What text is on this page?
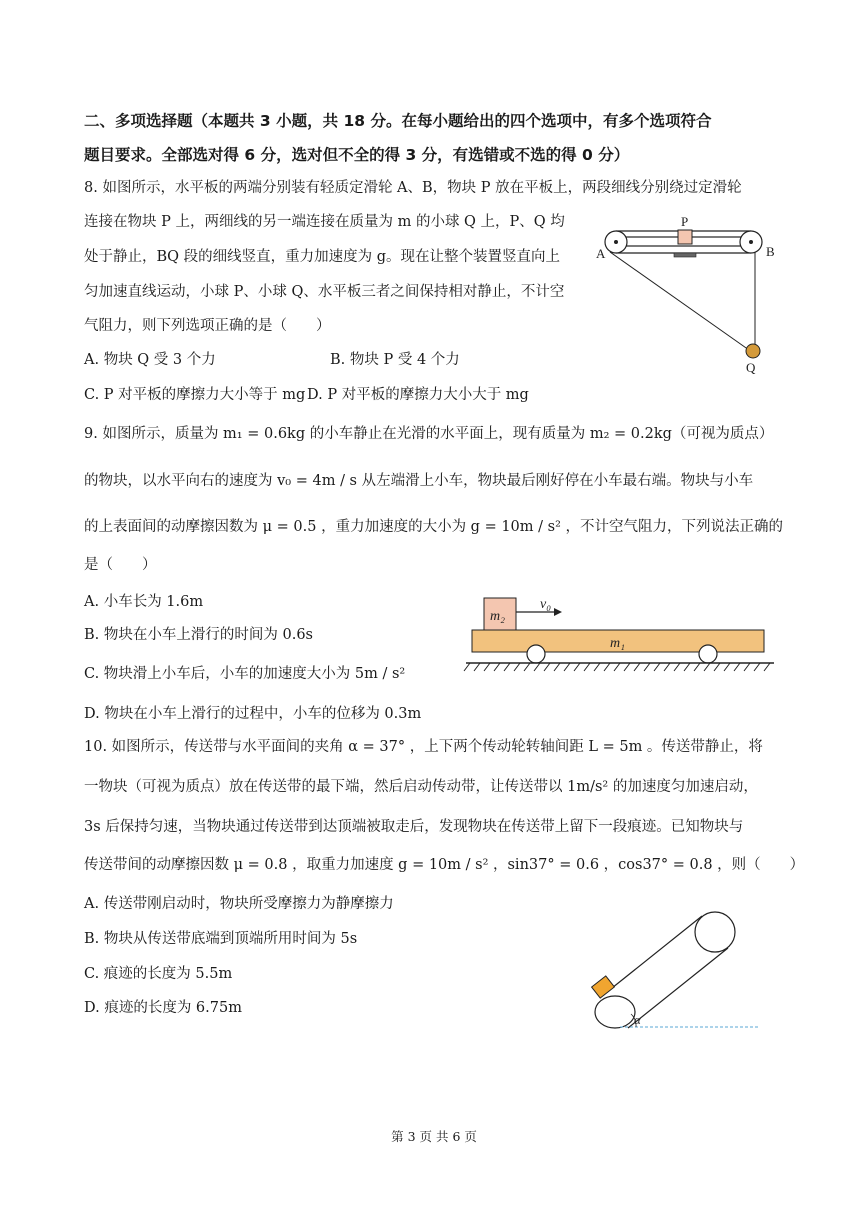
二、多项选择题（本题共 3 小题，共 18 分。在每小题给出的四个选项中，有多个选项符合
题目要求。全部选对得 6 分，选对但不全的得 3 分，有选错或不选的得 0 分）
8. 如图所示，水平板的两端分别装有轻质定滑轮 A、B，物块 P 放在平板上，两段细线分别绕过定滑轮
连接在物块 P 上，两细线的另一端连接在质量为 m 的小球 Q 上，P、Q 均
处于静止，BQ 段的细线竖直，重力加速度为 g。现在让整个装置竖直向上
匀加速直线运动，小球 P、小球 Q、水平板三者之间保持相对静止，不计空
气阻力，则下列选项正确的是（　　）
A. 物块 Q 受 3 个力	B. 物块 P 受 4 个力
C. P 对平板的摩擦力大小等于 mg D. P 对平板的摩擦力大小大于 mg
P
A	B
Q
9. 如图所示，质量为 m₁ = 0.6kg 的小车静止在光滑的水平面上，现有质量为 m₂ = 0.2kg（可视为质点）
的物块，以水平向右的速度为 v₀ = 4m / s 从左端滑上小车，物块最后刚好停在小车最右端。物块与小车
的上表面间的动摩擦因数为 μ = 0.5 ，重力加速度的大小为 g = 10m / s² ，不计空气阻力，下列说法正确的
是（　　）
A. 小车长为 1.6m
B. 物块在小车上滑行的时间为 0.6s
C. 物块滑上小车后，小车的加速度大小为 5m / s²
D. 物块在小车上滑行的过程中，小车的位移为 0.3m
m₂
v₀
m₁
10. 如图所示，传送带与水平面间的夹角 α = 37° ，上下两个传动轮转轴间距 L = 5m 。传送带静止，将
一物块（可视为质点）放在传送带的最下端，然后启动传动带，让传送带以 1m/s² 的加速度匀加速启动，
3s 后保持匀速，当物块通过传送带到达顶端被取走后，发现物块在传送带上留下一段痕迹。已知物块与
传送带间的动摩擦因数 μ = 0.8 ，取重力加速度 g = 10m / s² ，sin37° = 0.6 ，cos37° = 0.8 ，则（　　）
A. 传送带刚启动时，物块所受摩擦力为静摩擦力
B. 物块从传送带底端到顶端所用时间为 5s
C. 痕迹的长度为 5.5m
D. 痕迹的长度为 6.75m
α
第 3 页 共 6 页
